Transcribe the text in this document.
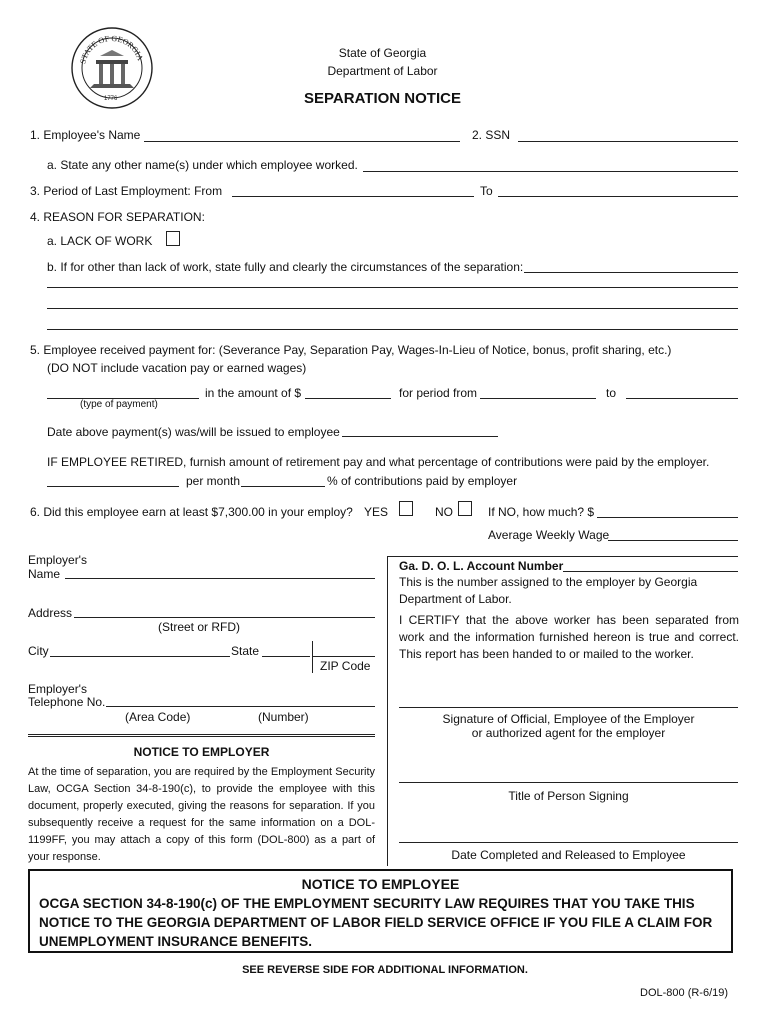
STATE OF GEORGIA
1776
State of Georgia
Department of Labor
SEPARATION NOTICE
1. Employee's Name	2. SSN
a. State any other name(s) under which employee worked.
3. Period of Last Employment: From	To
4. REASON FOR SEPARATION:
a. LACK OF WORK
b. If for other than lack of work, state fully and clearly the circumstances of the separation:
5. Employee received payment for: (Severance Pay, Separation Pay, Wages-In-Lieu of Notice, bonus, profit sharing, etc.)
(DO NOT include vacation pay or earned wages)
(type of payment)
in the amount of $	for period from	to
Date above payment(s) was/will be issued to employee
IF EMPLOYEE RETIRED, furnish amount of retirement pay and what percentage of contributions were paid by the employer.
per month	% of contributions paid by employer
6. Did this employee earn at least $7,300.00 in your employ? YES	NO	If NO, how much? $
Average Weekly Wage
Employer's
Name
Address
(Street or RFD)
City	State
ZIP Code
Employer's
Telephone No.
(Area Code)	(Number)
NOTICE TO EMPLOYER
At the time of separation, you are required by the Employment Security Law, OCGA Section 34-8-190(c), to provide the employee with this document, properly executed, giving the reasons for separation. If you subsequently receive a request for the same information on a DOL-1199FF, you may attach a copy of this form (DOL-800) as a part of your response.
Ga. D. O. L. Account Number
This is the number assigned to the employer by Georgia Department of Labor.
I CERTIFY that the above worker has been separated from work and the information furnished hereon is true and correct. This report has been handed to or mailed to the worker.
Signature of Official, Employee of the Employer
or authorized agent for the employer
Title of Person Signing
Date Completed and Released to Employee
NOTICE TO EMPLOYEE
OCGA SECTION 34-8-190(c) OF THE EMPLOYMENT SECURITY LAW REQUIRES THAT YOU TAKE THIS NOTICE TO THE GEORGIA DEPARTMENT OF LABOR FIELD SERVICE OFFICE IF YOU FILE A CLAIM FOR UNEMPLOYMENT INSURANCE BENEFITS.
SEE REVERSE SIDE FOR ADDITIONAL INFORMATION.
DOL-800 (R-6/19)
